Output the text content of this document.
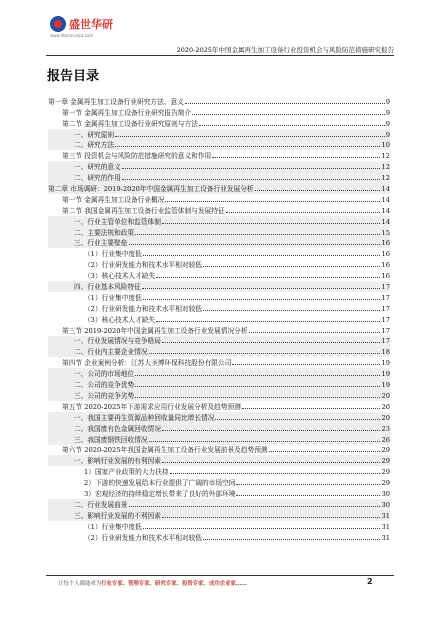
盛世华研
www.shsconcept.com
2020-2025年中国金属再生加工设备行业投资机会与风险防范措施研究报告
报告目录
第一章 金属再生加工设备行业研究方法、意义	9
第一节 金属再生加工设备行业研究报告简介	9
第二节 金属再生加工设备行业研究原则与方法	9
一、研究原则	9
二、研究方法	10
第三节 投资机会与风险防范措施研究的意义和作用	12
一、研究的意义	12
二、研究的作用	12
第二章 市场调研：2019-2020年中国金属再生加工设备行业发展分析	14
第一节 金属再生加工设备行业概况	14
第二节 我国金属再生加工设备行业监管体制与发展特征	14
一、行业主管单位和监管体制	14
二、主要法规和政策	15
三、行业主要壁垒	16
（1）行业集中度低	16
（2）行业研发能力和技术水平相对较低	16
（3）核心技术人才缺失	16
四、行业基本风险特征	17
（1）行业集中度低	17
（2）行业研发能力和技术水平相对较低	17
（3）核心技术人才缺失	17
第三节 2019-2020年中国金属再生加工设备行业发展情况分析	17
一、行业发展情况与竞争格局	17
二、行业内主要企业情况	18
第四节 企业案例分析：江苏大圣博环保科技股份有限公司	19
一、公司的市场地位	19
二、公司的竞争优势	19
三、公司的竞争劣势	20
第五节 2020-2025年下游需求应用行业发展分析及趋势预测	20
一、我国主要再生资源品种回收量同比增长情况	20
二、我国废有色金属回收情况	23
三、我国废钢铁回收情况	26
第六节 2020-2025年我国金属再生加工设备行业发展前景及趋势预测	29
一、影响行业发展的有利因素	29
1）国家产业政策的大力扶持	29
2）下游的快速发展给本行业提供了广阔的市场空间	29
3）宏观经济的持续稳定增长带来了良好的外部环境	30
二、行业发展前景	30
三、影响行业发展的不利因素	31
（1）行业集中度低	31
（2）行业研发能力和技术水平相对较低	31
让每个人都能成为行业专家、管理专家、研究专家、投资专家、成功企业家……	2
